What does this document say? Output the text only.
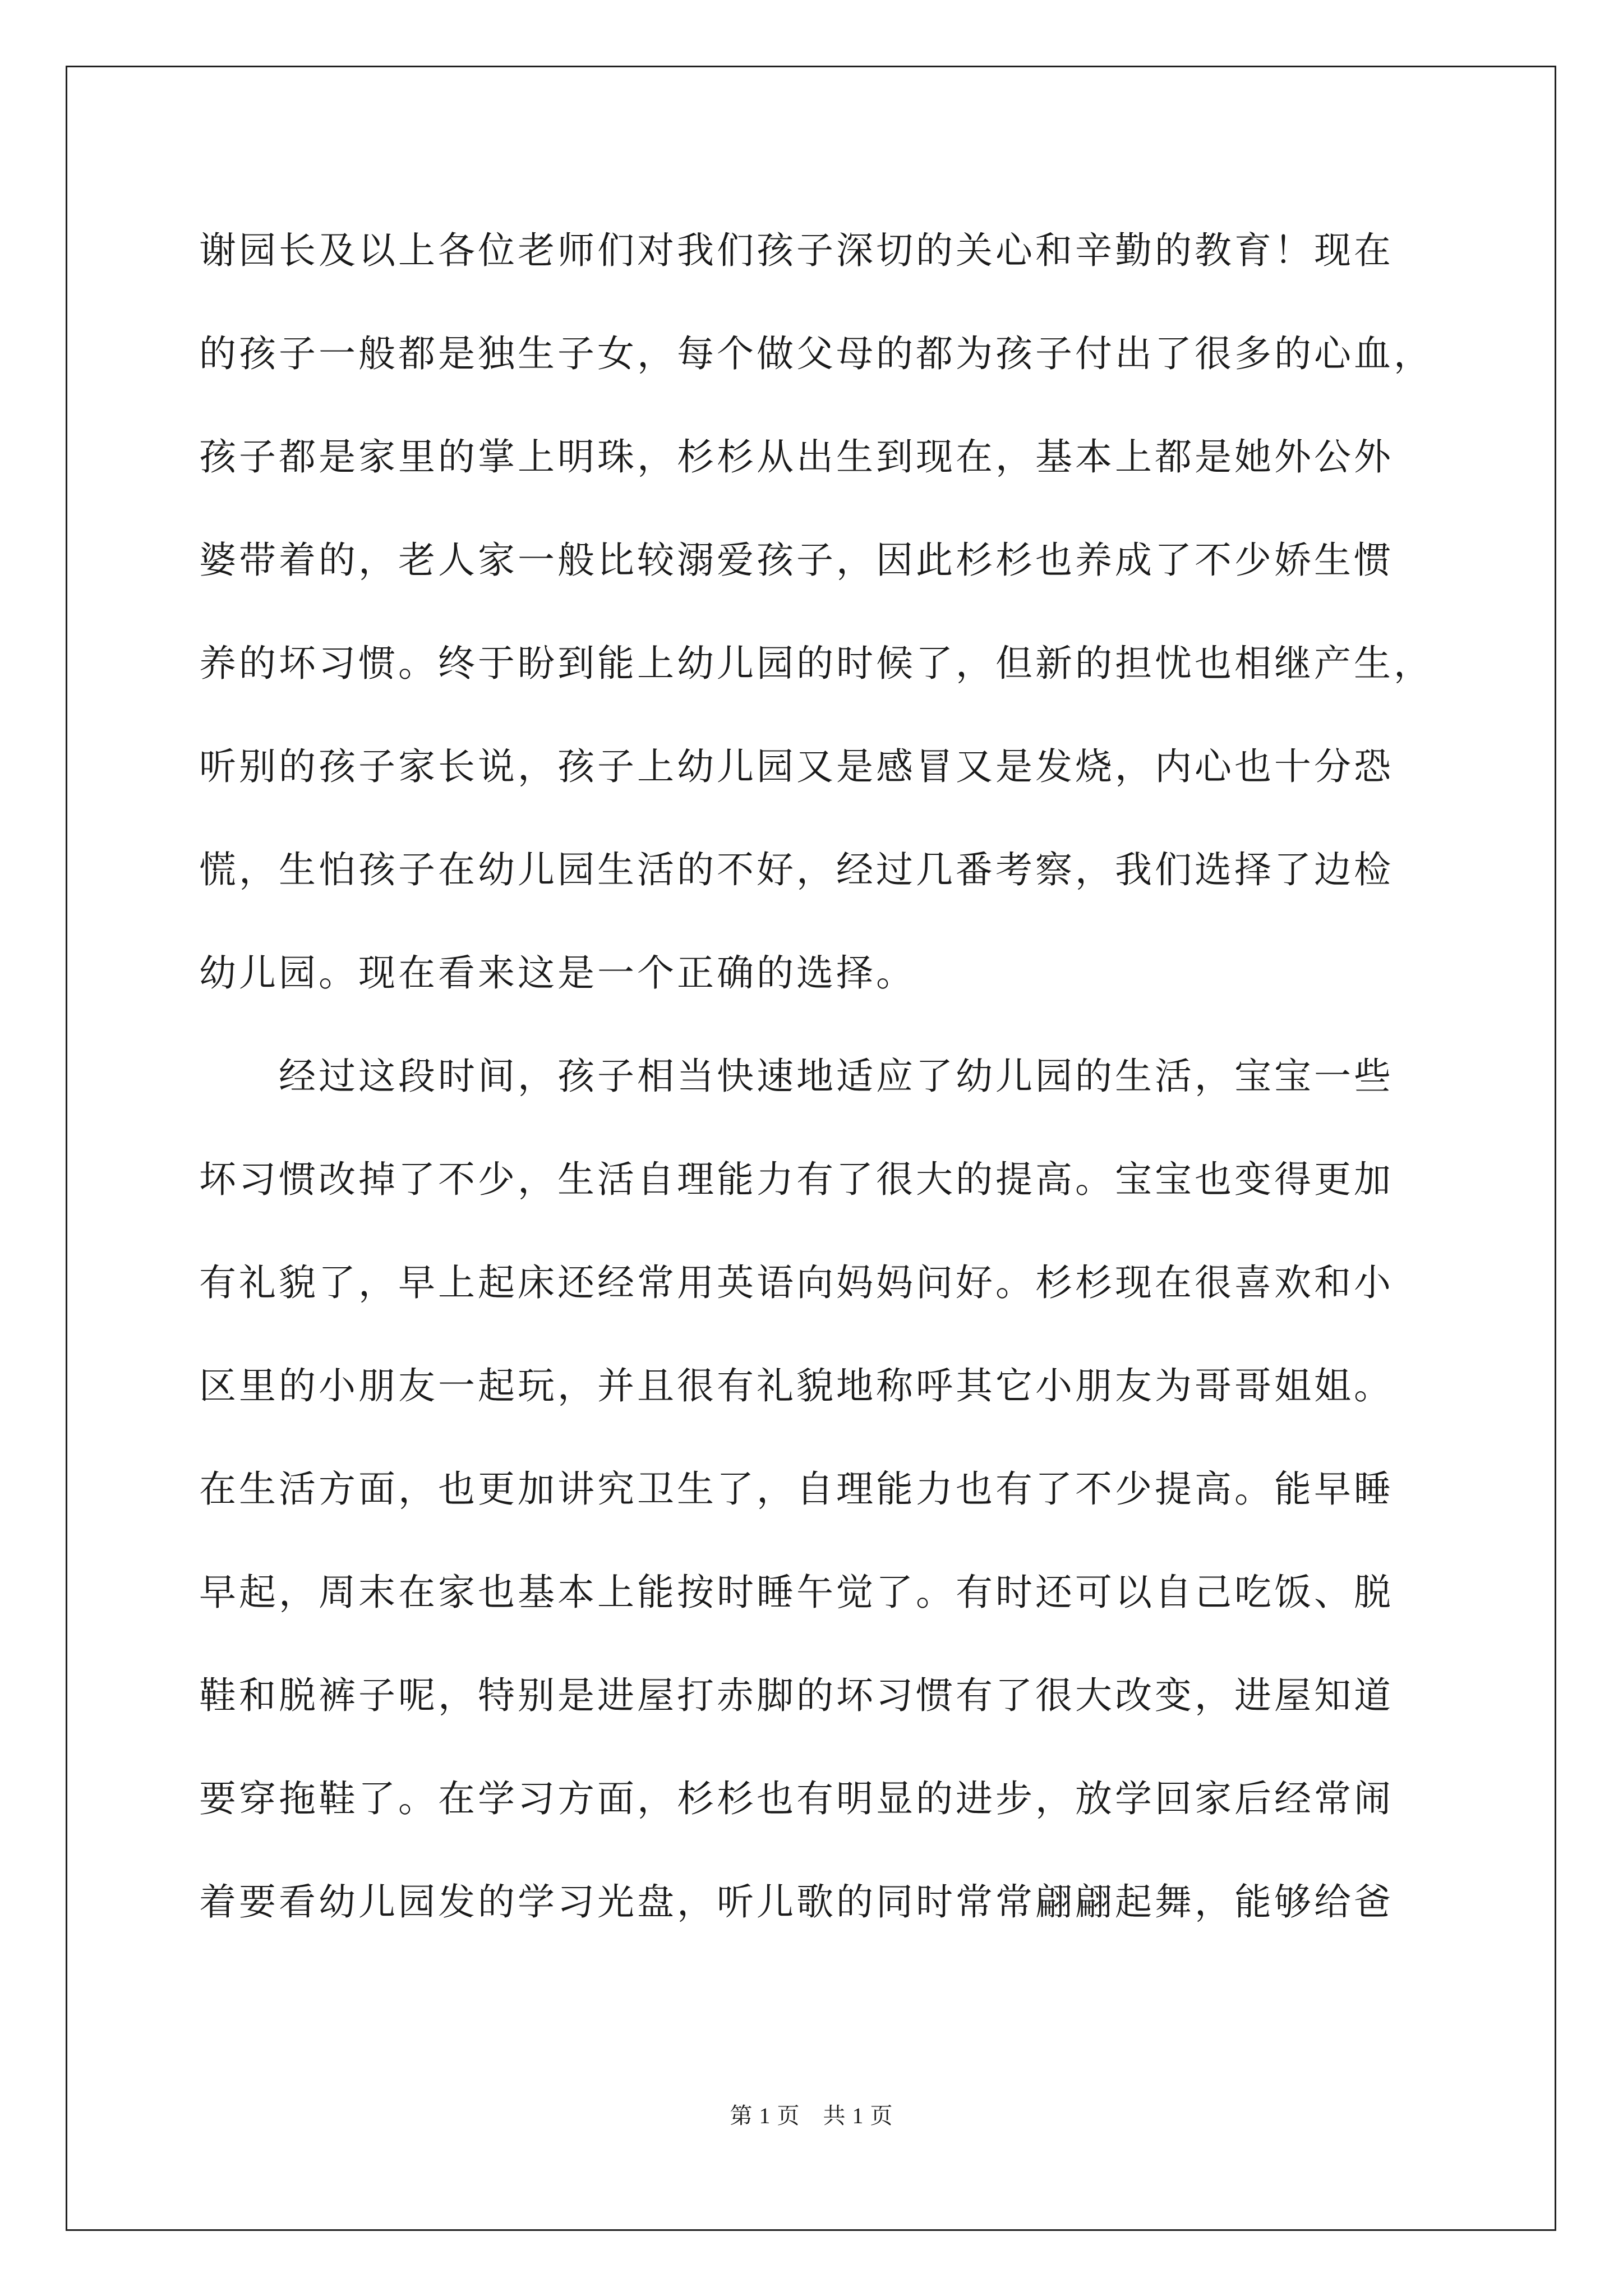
谢园长及以上各位老师们对我们孩子深切的关心和辛勤的教育！现在
的孩子一般都是独生子女，每个做父母的都为孩子付出了很多的心血，
孩子都是家里的掌上明珠，杉杉从出生到现在，基本上都是她外公外
婆带着的，老人家一般比较溺爱孩子，因此杉杉也养成了不少娇生惯
养的坏习惯。终于盼到能上幼儿园的时候了，但新的担忧也相继产生，
听别的孩子家长说，孩子上幼儿园又是感冒又是发烧，内心也十分恐
慌，生怕孩子在幼儿园生活的不好，经过几番考察，我们选择了边检
幼儿园。现在看来这是一个正确的选择。
经过这段时间，孩子相当快速地适应了幼儿园的生活，宝宝一些
坏习惯改掉了不少，生活自理能力有了很大的提高。宝宝也变得更加
有礼貌了，早上起床还经常用英语向妈妈问好。杉杉现在很喜欢和小
区里的小朋友一起玩，并且很有礼貌地称呼其它小朋友为哥哥姐姐。
在生活方面，也更加讲究卫生了，自理能力也有了不少提高。能早睡
早起，周末在家也基本上能按时睡午觉了。有时还可以自己吃饭、脱
鞋和脱裤子呢，特别是进屋打赤脚的坏习惯有了很大改变，进屋知道
要穿拖鞋了。在学习方面，杉杉也有明显的进步，放学回家后经常闹
着要看幼儿园发的学习光盘，听儿歌的同时常常翩翩起舞，能够给爸
第 1 页　共 1 页
